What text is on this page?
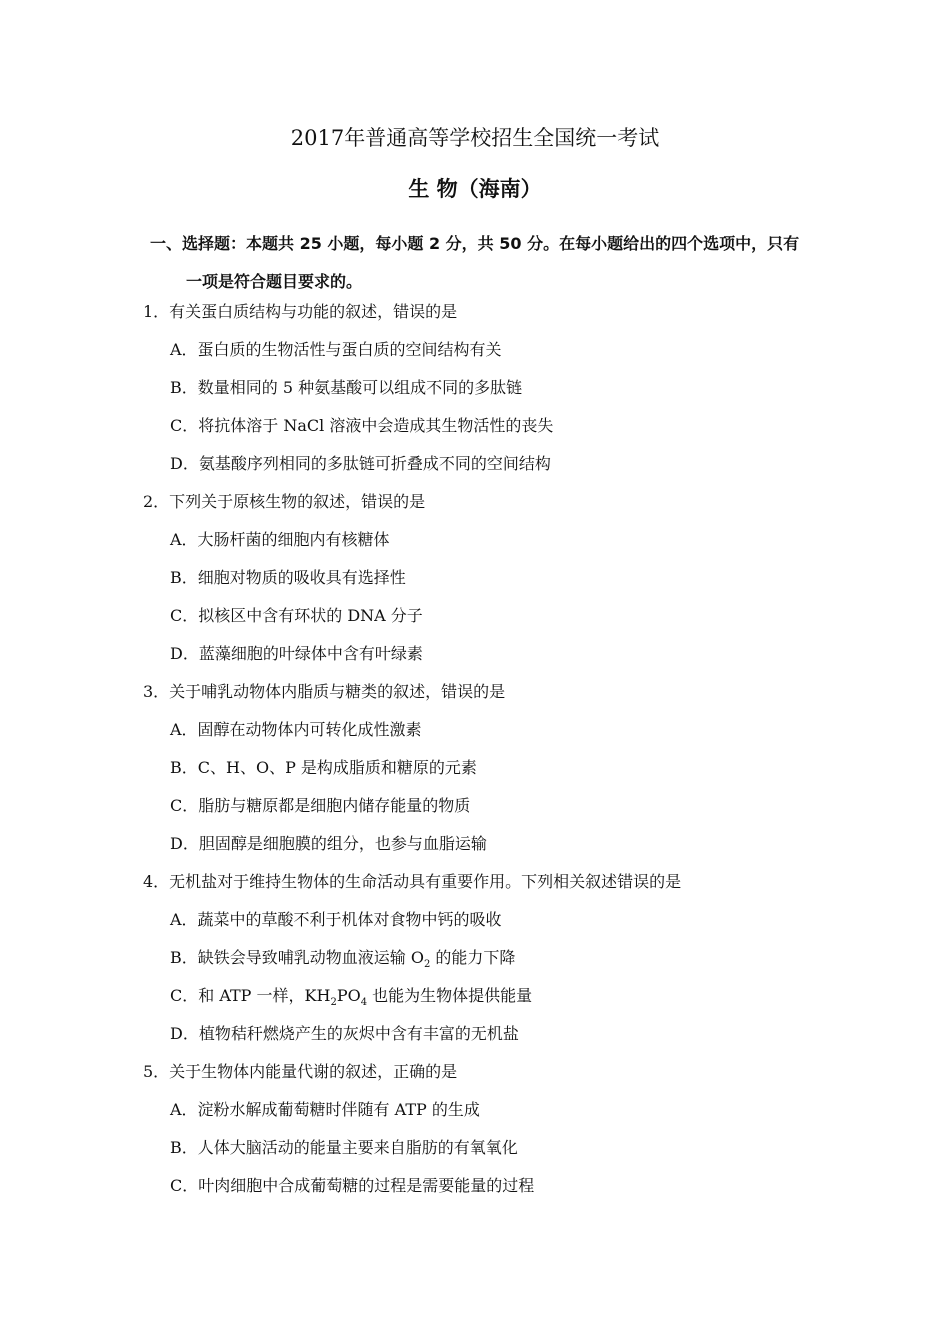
2017年普通高等学校招生全国统一考试
生 物（海南）
一、选择题：本题共 25 小题，每小题 2 分，共 50 分。在每小题给出的四个选项中，只有
一项是符合题目要求的。
1．有关蛋白质结构与功能的叙述，错误的是
A．蛋白质的生物活性与蛋白质的空间结构有关
B．数量相同的 5 种氨基酸可以组成不同的多肽链
C．将抗体溶于 NaCl 溶液中会造成其生物活性的丧失
D．氨基酸序列相同的多肽链可折叠成不同的空间结构
2．下列关于原核生物的叙述，错误的是
A．大肠杆菌的细胞内有核糖体
B．细胞对物质的吸收具有选择性
C．拟核区中含有环状的 DNA 分子
D．蓝藻细胞的叶绿体中含有叶绿素
3．关于哺乳动物体内脂质与糖类的叙述，错误的是
A．固醇在动物体内可转化成性激素
B．C、H、O、P 是构成脂质和糖原的元素
C．脂肪与糖原都是细胞内储存能量的物质
D．胆固醇是细胞膜的组分，也参与血脂运输
4．无机盐对于维持生物体的生命活动具有重要作用。下列相关叙述错误的是
A．蔬菜中的草酸不利于机体对食物中钙的吸收
B．缺铁会导致哺乳动物血液运输 $O_2$ 的能力下降
C．和 ATP 一样，$KH_2PO_4$ 也能为生物体提供能量
D．植物秸秆燃烧产生的灰烬中含有丰富的无机盐
5．关于生物体内能量代谢的叙述，正确的是
A．淀粉水解成葡萄糖时伴随有 ATP 的生成
B．人体大脑活动的能量主要来自脂肪的有氧氧化
C．叶肉细胞中合成葡萄糖的过程是需要能量的过程
